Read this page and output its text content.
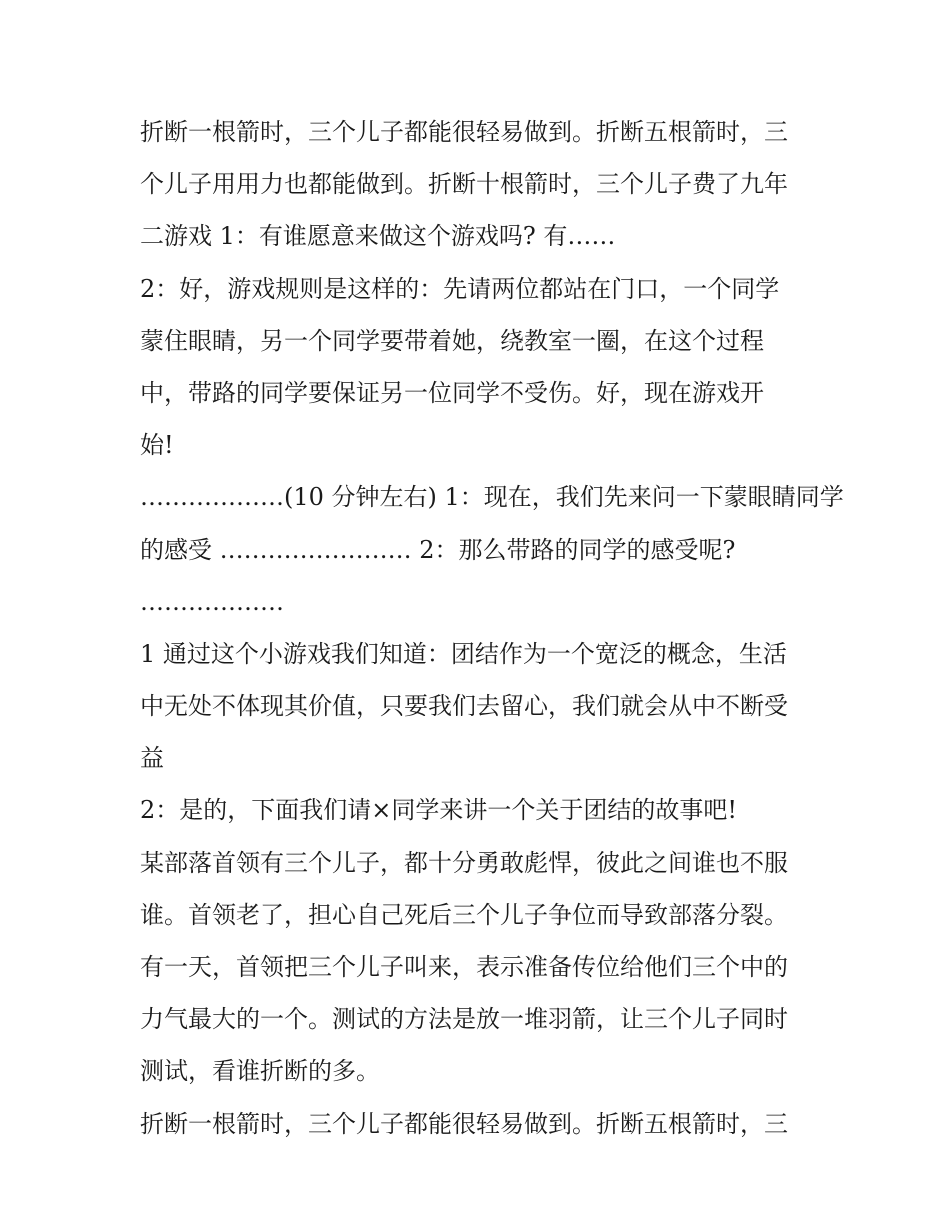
折断一根箭时，三个儿子都能很轻易做到。折断五根箭时，三
个儿子用用力也都能做到。折断十根箭时，三个儿子费了九年
二游戏 1：有谁愿意来做这个游戏吗? 有……
2：好，游戏规则是这样的：先请两位都站在门口，一个同学
蒙住眼睛，另一个同学要带着她，绕教室一圈，在这个过程
中，带路的同学要保证另一位同学不受伤。好，现在游戏开
始!
………………(10 分钟左右) 1：现在，我们先来问一下蒙眼睛同学
的感受 …………………… 2：那么带路的同学的感受呢?
………………
1 通过这个小游戏我们知道：团结作为一个宽泛的概念，生活
中无处不体现其价值，只要我们去留心，我们就会从中不断受
益
2：是的，下面我们请×同学来讲一个关于团结的故事吧!
某部落首领有三个儿子，都十分勇敢彪悍，彼此之间谁也不服
谁。首领老了，担心自己死后三个儿子争位而导致部落分裂。
有一天，首领把三个儿子叫来，表示准备传位给他们三个中的
力气最大的一个。测试的方法是放一堆羽箭，让三个儿子同时
测试，看谁折断的多。
折断一根箭时，三个儿子都能很轻易做到。折断五根箭时，三
